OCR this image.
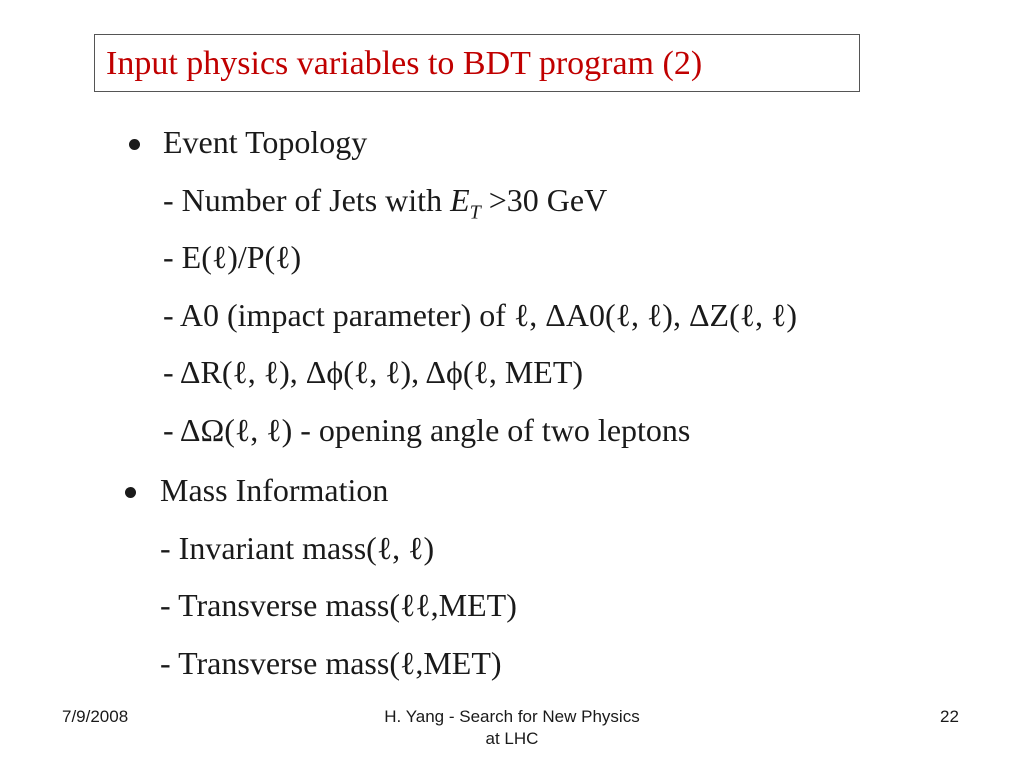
Input physics variables to BDT program (2)
Event Topology
- Number of Jets with $E_T >30$ GeV
- E(ℓ)/P(ℓ)
- A0 (impact parameter) of ℓ, ΔA0(ℓ, ℓ), ΔZ(ℓ, ℓ)
- ΔR(ℓ, ℓ), Δϕ(ℓ, ℓ), Δϕ(ℓ, MET)
- ΔΩ(ℓ, ℓ) - opening angle of two leptons
Mass Information
- Invariant mass(ℓ, ℓ)
- Transverse mass(ℓℓ,MET)
- Transverse mass(ℓ,MET)
7/9/2008	H. Yang - Search for New Physics
at LHC
22
